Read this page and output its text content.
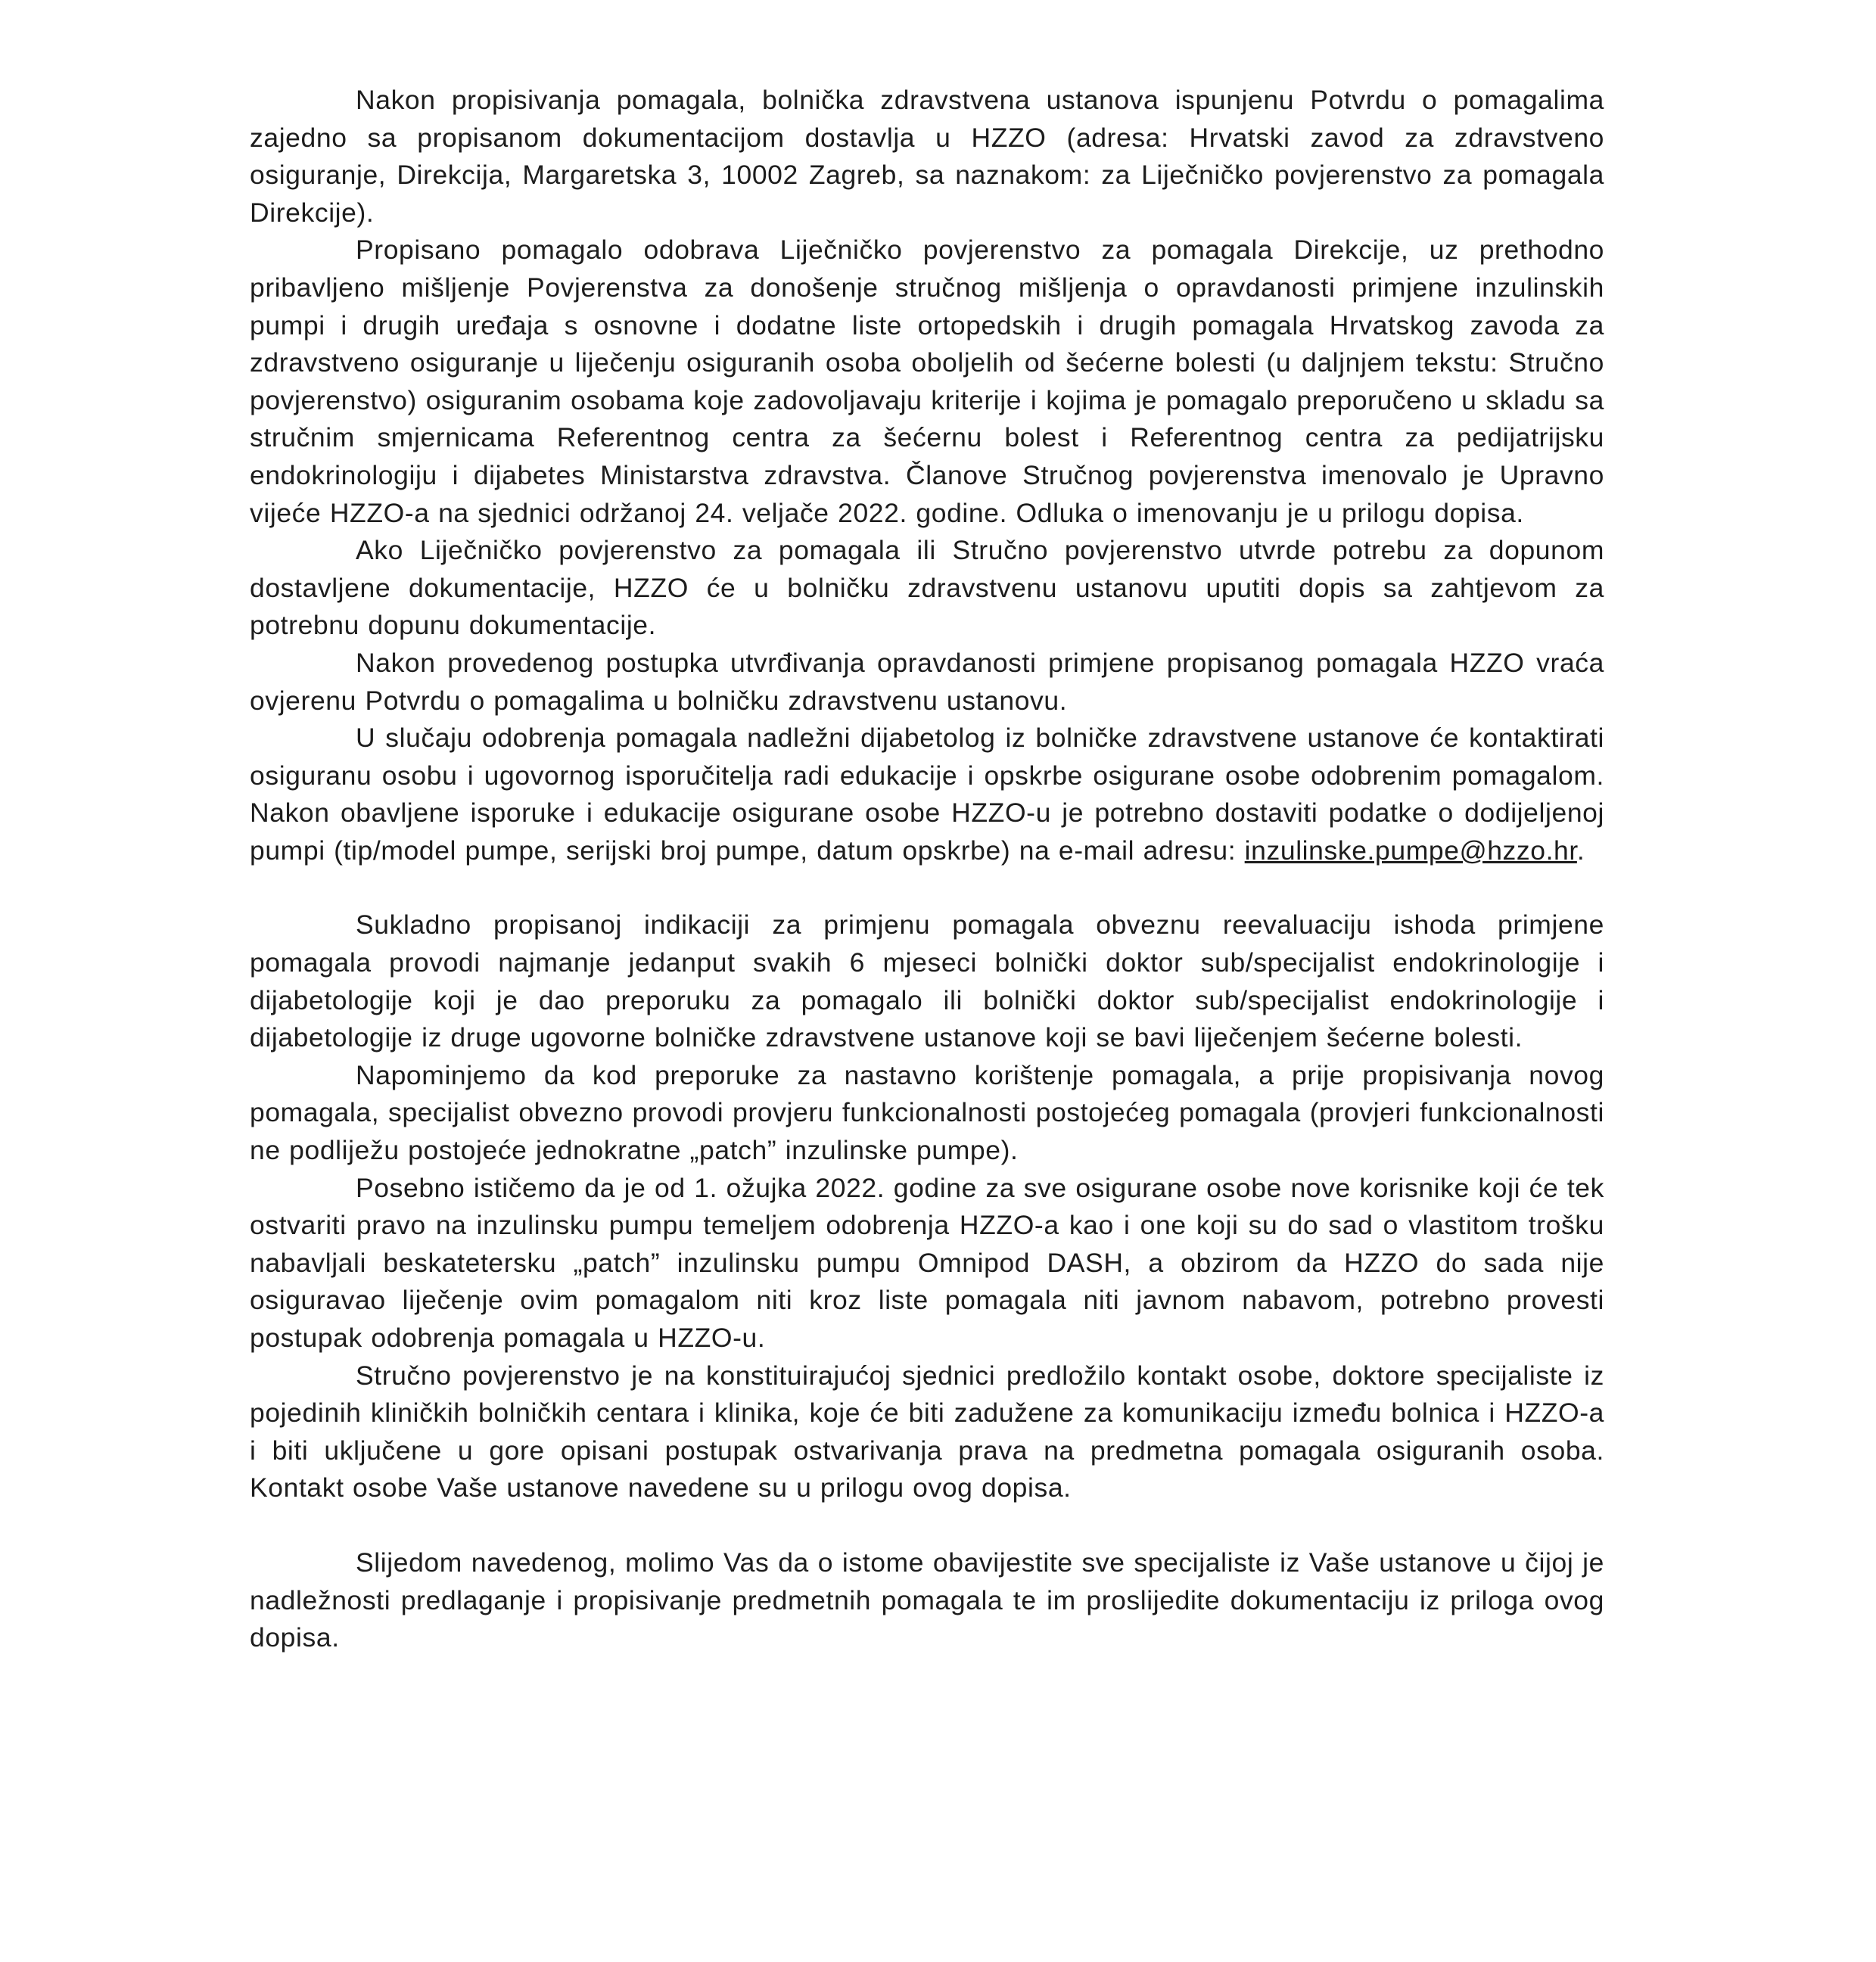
Nakon propisivanja pomagala, bolnička zdravstvena ustanova ispunjenu Potvrdu o pomagalima zajedno sa propisanom dokumentacijom dostavlja u HZZO (adresa: Hrvatski zavod za zdravstveno osiguranje, Direkcija, Margaretska 3, 10002 Zagreb, sa naznakom: za Liječničko povjerenstvo za pomagala Direkcije).

Propisano pomagalo odobrava Liječničko povjerenstvo za pomagala Direkcije, uz prethodno pribavljeno mišljenje Povjerenstva za donošenje stručnog mišljenja o opravdanosti primjene inzulinskih pumpi i drugih uređaja s osnovne i dodatne liste ortopedskih i drugih pomagala Hrvatskog zavoda za zdravstveno osiguranje u liječenju osiguranih osoba oboljelih od šećerne bolesti (u daljnjem tekstu: Stručno povjerenstvo) osiguranim osobama koje zadovoljavaju kriterije i kojima je pomagalo preporučeno u skladu sa stručnim smjernicama Referentnog centra za šećernu bolest i Referentnog centra za pedijatrijsku endokrinologiju i dijabetes Ministarstva zdravstva. Članove Stručnog povjerenstva imenovalo je Upravno vijeće HZZO-a na sjednici održanoj 24. veljače 2022. godine. Odluka o imenovanju je u prilogu dopisa.

Ako Liječničko povjerenstvo za pomagala ili Stručno povjerenstvo utvrde potrebu za dopunom dostavljene dokumentacije, HZZO će u bolničku zdravstvenu ustanovu uputiti dopis sa zahtjevom za potrebnu dopunu dokumentacije.

Nakon provedenog postupka utvrđivanja opravdanosti primjene propisanog pomagala HZZO vraća ovjerenu Potvrdu o pomagalima u bolničku zdravstvenu ustanovu.

U slučaju odobrenja pomagala nadležni dijabetolog iz bolničke zdravstvene ustanove će kontaktirati osiguranu osobu i ugovornog isporučitelja radi edukacije i opskrbe osigurane osobe odobrenim pomagalom. Nakon obavljene isporuke i edukacije osigurane osobe HZZO-u je potrebno dostaviti podatke o dodijeljenoj pumpi (tip/model pumpe, serijski broj pumpe, datum opskrbe) na e-mail adresu: inzulinske.pumpe@hzzo.hr.

Sukladno propisanoj indikaciji za primjenu pomagala obveznu reevaluaciju ishoda primjene pomagala provodi najmanje jedanput svakih 6 mjeseci bolnički doktor sub/specijalist endokrinologije i dijabetologije koji je dao preporuku za pomagalo ili bolnički doktor sub/specijalist endokrinologije i dijabetologije iz druge ugovorne bolničke zdravstvene ustanove koji se bavi liječenjem šećerne bolesti.

Napominjemo da kod preporuke za nastavno korištenje pomagala, a prije propisivanja novog pomagala, specijalist obvezno provodi provjeru funkcionalnosti postojećeg pomagala (provjeri funkcionalnosti ne podliježu postojeće jednokratne „patch” inzulinske pumpe).

Posebno ističemo da je od 1. ožujka 2022. godine za sve osigurane osobe nove korisnike koji će tek ostvariti pravo na inzulinsku pumpu temeljem odobrenja HZZO-a kao i one koji su do sad o vlastitom trošku nabavljali beskatetersku „patch” inzulinsku pumpu Omnipod DASH, a obzirom da HZZO do sada nije osiguravao liječenje ovim pomagalom niti kroz liste pomagala niti javnom nabavom, potrebno provesti postupak odobrenja pomagala u HZZO-u.

Stručno povjerenstvo je na konstituirajućoj sjednici predložilo kontakt osobe, doktore specijaliste iz pojedinih kliničkih bolničkih centara i klinika, koje će biti zadužene za komunikaciju između bolnica i HZZO-a i biti uključene u gore opisani postupak ostvarivanja prava na predmetna pomagala osiguranih osoba. Kontakt osobe Vaše ustanove navedene su u prilogu ovog dopisa.

Slijedom navedenog, molimo Vas da o istome obavijestite sve specijaliste iz Vaše ustanove u čijoj je nadležnosti predlaganje i propisivanje predmetnih pomagala te im proslijedite dokumentaciju iz priloga ovog dopisa.
